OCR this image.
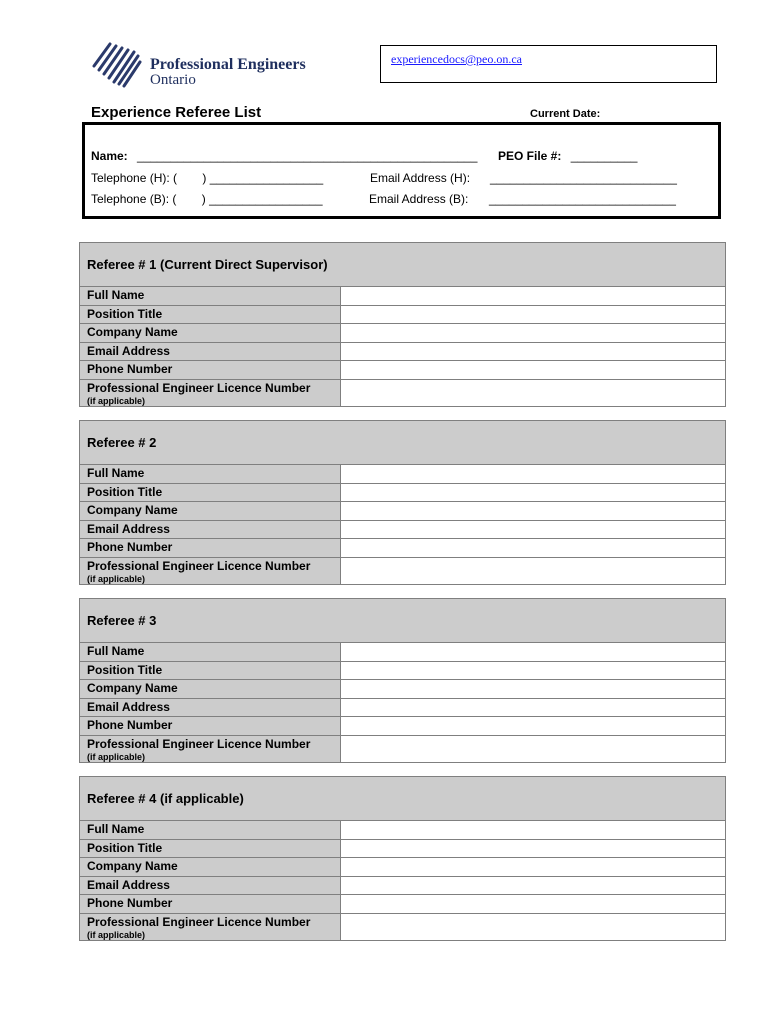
Professional Engineers
Ontario
experiencedocs@peo.on.ca
Experience Referee List	Current Date:
Name: ___________________________________________________ PEO File #: __________
Telephone (H): ( ) _________________	Email Address (H): ____________________________
Telephone (B): ( ) _________________	Email Address (B): ____________________________
Referee # 1 (Current Direct Supervisor)
Full Name
Position Title
Company Name
Email Address
Phone Number
Professional Engineer Licence Number
(if applicable)
Referee # 2
Full Name
Position Title
Company Name
Email Address
Phone Number
Professional Engineer Licence Number
(if applicable)
Referee # 3
Full Name
Position Title
Company Name
Email Address
Phone Number
Professional Engineer Licence Number
(if applicable)
Referee # 4 (if applicable)
Full Name
Position Title
Company Name
Email Address
Phone Number
Professional Engineer Licence Number
(if applicable)
